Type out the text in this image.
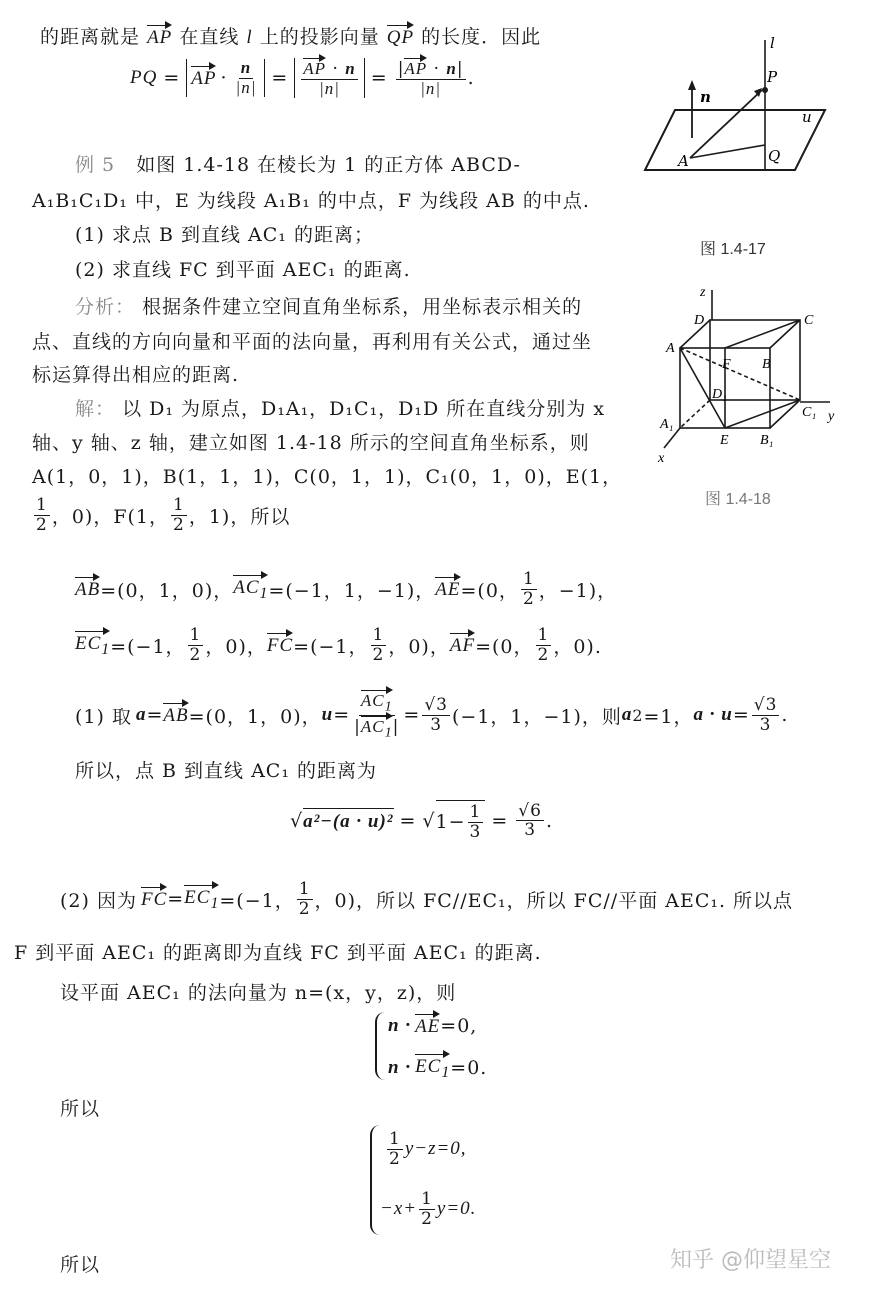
的距离就是 AP 在直线 l 上的投影向量 QP 的长度．因此
PQ = AP · $\frac{n}{|n|} = \frac{AP \cdot n}{|n|} = \frac{|AP \cdot n|}{|n|}$ .
l
P
n
u
A	Q
图 1.4-17
例 5 如图 1.4-18 在棱长为 1 的正方体 ABCD-
A₁B₁C₁D₁ 中，E 为线段 A₁B₁ 的中点，F 为线段 AB 的中点.
(1) 求点 B 到直线 AC₁ 的距离；
(2) 求直线 FC 到平面 AEC₁ 的距离.
分析： 根据条件建立空间直角坐标系，用坐标表示相关的
点、直线的方向向量和平面的法向量，再利用有关公式，通过坐
标运算得出相应的距离.
解： 以 D₁ 为原点，D₁A₁，D₁C₁，D₁D 所在直线分别为 x
轴、y 轴、z 轴，建立如图 1.4-18 所示的空间直角坐标系，则
A(1，0，1)，B(1，1，1)，C(0，1，1)，C₁(0，1，0)，E(1，
$\frac{1}{2}$ ，0)，F(1， $\frac{1}{2}$ ，1)，所以
z
D	C
A
F B
D₁
C₁ y
A₁
E B₁
x
图 1.4-18
AB =(0，1，0)， $AC_1 =(-1$，1，−1)， AE =(0， $\frac{1}{2}$ ，−1)，
$EC_1 =(-1$， $\frac{1}{2}$ ，0)， FC =(−1， $\frac{1}{2}$ ，0)， AF =(0， $\frac{1}{2}$ ，0).
(1) 取 a = AB =(0，1，0)， u =
$AC_1$
$|AC_1|$
= $\frac{√3}{3} (-1$，1，−1)，则 a 2 =1， $a \cdot u = \frac{√3}{3}$ .
所以，点 B 到直线 AC₁ 的距离为
√ a²−(a · u)² = √ $1- \frac{1}{3} = \frac{√6}{3}$ .
(2) 因为 FC = $EC_1 =(-1$， $\frac{1}{2}$ ，0)，所以 FC//EC₁，所以 FC//平面 AEC₁. 所以点
F 到平面 AEC₁ 的距离即为直线 FC 到平面 AEC₁ 的距离.
设平面 AEC₁ 的法向量为 n=(x，y，z)，则
n · AE =0,
$n \cdot EC_1 =0$.
所以
$\frac{1}{2} y-z=0$,
$-x+ \frac{1}{2} y=0$.
所以	知乎 @仰望星空
